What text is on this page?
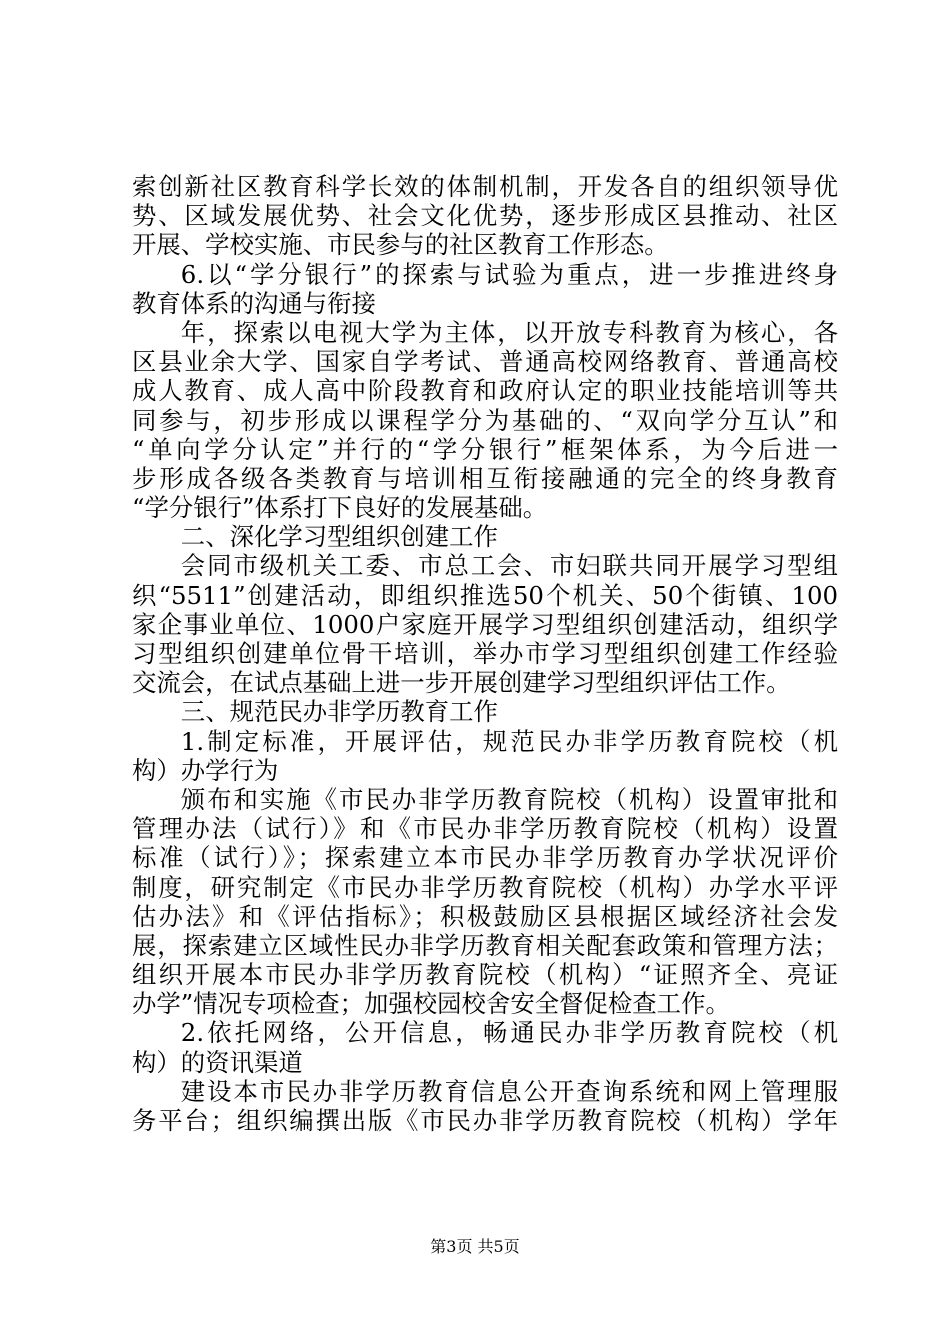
索创新社区教育科学长效的体制机制，开发各自的组织领导优
势、区域发展优势、社会文化优势，逐步形成区县推动、社区
开展、学校实施、市民参与的社区教育工作形态。
6.以“学分银行”的探索与试验为重点，进一步推进终身
教育体系的沟通与衔接
年，探索以电视大学为主体，以开放专科教育为核心，各
区县业余大学、国家自学考试、普通高校网络教育、普通高校
成人教育、成人高中阶段教育和政府认定的职业技能培训等共
同参与，初步形成以课程学分为基础的、“双向学分互认”和
“单向学分认定”并行的“学分银行”框架体系，为今后进一
步形成各级各类教育与培训相互衔接融通的完全的终身教育
“学分银行”体系打下良好的发展基础。
二、深化学习型组织创建工作
会同市级机关工委、市总工会、市妇联共同开展学习型组
织“5511”创建活动，即组织推选50个机关、50个街镇、100
家企事业单位、1000户家庭开展学习型组织创建活动，组织学
习型组织创建单位骨干培训，举办市学习型组织创建工作经验
交流会，在试点基础上进一步开展创建学习型组织评估工作。
三、规范民办非学历教育工作
1.制定标准，开展评估，规范民办非学历教育院校（机
构）办学行为
颁布和实施《市民办非学历教育院校（机构）设置审批和
管理办法（试行）》和《市民办非学历教育院校（机构）设置
标准（试行）》；探索建立本市民办非学历教育办学状况评价
制度，研究制定《市民办非学历教育院校（机构）办学水平评
估办法》和《评估指标》；积极鼓励区县根据区域经济社会发
展，探索建立区域性民办非学历教育相关配套政策和管理方法；
组织开展本市民办非学历教育院校（机构）“证照齐全、亮证
办学”情况专项检查；加强校园校舍安全督促检查工作。
2.依托网络，公开信息，畅通民办非学历教育院校（机
构）的资讯渠道
建设本市民办非学历教育信息公开查询系统和网上管理服
务平台；组织编撰出版《市民办非学历教育院校（机构）学年
第3页 共5页
